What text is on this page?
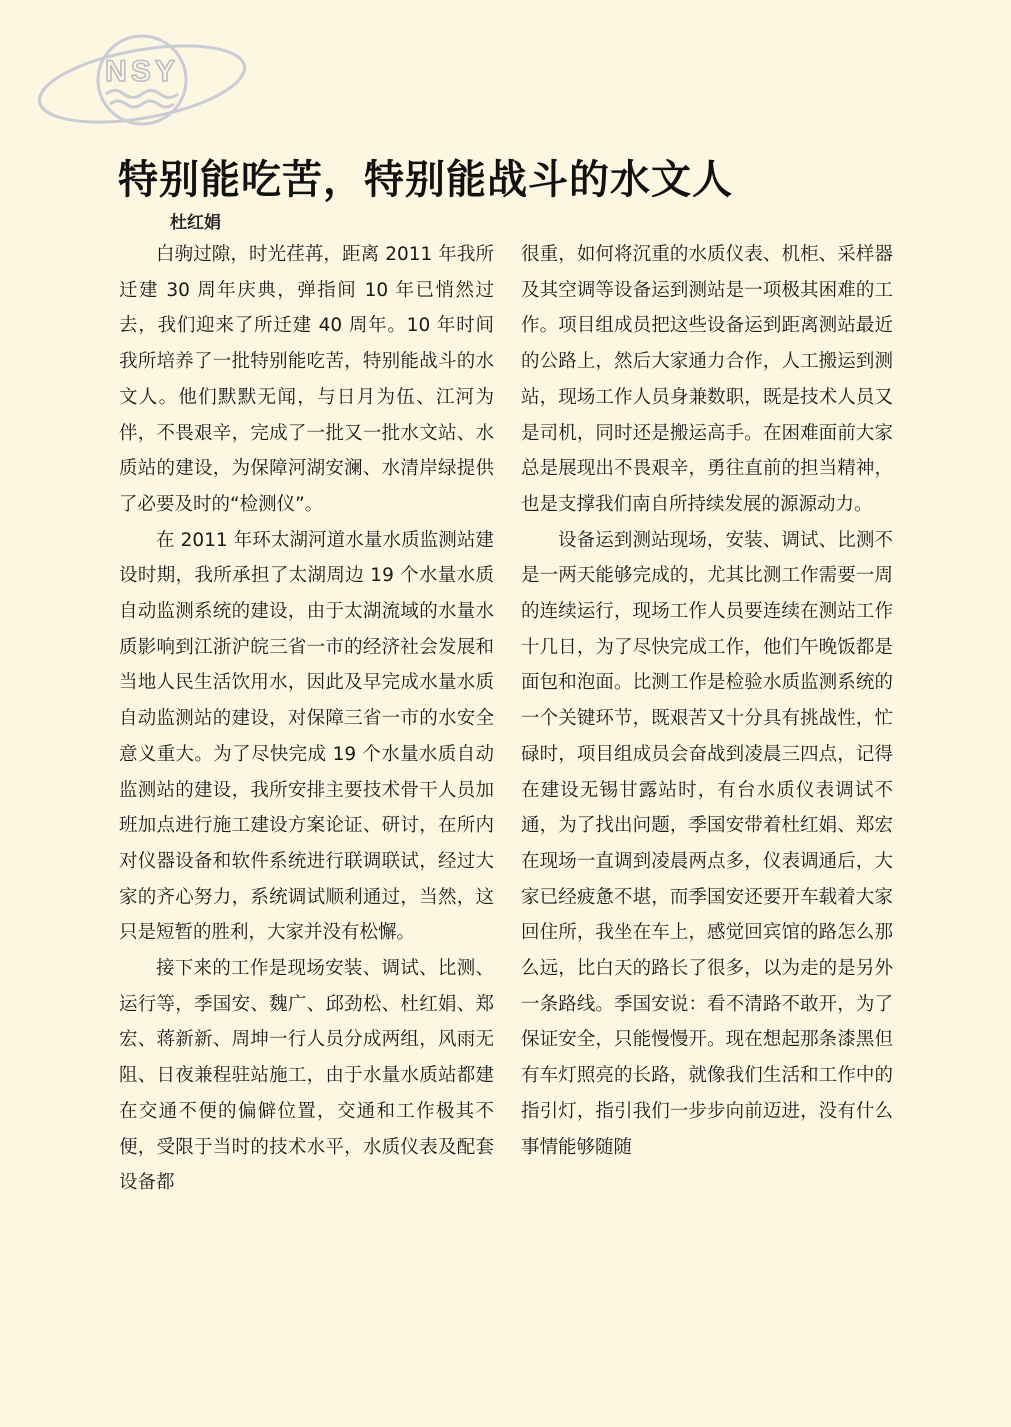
NSY
特别能吃苦，特别能战斗的水文人
杜红娟

白驹过隙，时光荏苒，距离 2011 年我所迁建 30 周年庆典，弹指间 10 年已悄然过去，我们迎来了所迁建 40 周年。10 年时间我所培养了一批特别能吃苦，特别能战斗的水文人。他们默默无闻，与日月为伍、江河为伴，不畏艰辛，完成了一批又一批水文站、水质站的建设，为保障河湖安澜、水清岸绿提供了必要及时的“检测仪”。

在 2011 年环太湖河道水量水质监测站建设时期，我所承担了太湖周边 19 个水量水质自动监测系统的建设，由于太湖流域的水量水质影响到江浙沪皖三省一市的经济社会发展和当地人民生活饮用水，因此及早完成水量水质自动监测站的建设，对保障三省一市的水安全意义重大。为了尽快完成 19 个水量水质自动监测站的建设，我所安排主要技术骨干人员加班加点进行施工建设方案论证、研讨，在所内对仪器设备和软件系统进行联调联试，经过大家的齐心努力，系统调试顺利通过，当然，这只是短暂的胜利，大家并没有松懈。

接下来的工作是现场安装、调试、比测、运行等，季国安、魏广、邱劲松、杜红娟、郑宏、蒋新新、周坤一行人员分成两组，风雨无阻、日夜兼程驻站施工，由于水量水质站都建在交通不便的偏僻位置，交通和工作极其不便，受限于当时的技术水平，水质仪表及配套设备都

很重，如何将沉重的水质仪表、机柜、采样器及其空调等设备运到测站是一项极其困难的工作。项目组成员把这些设备运到距离测站最近的公路上，然后大家通力合作，人工搬运到测站，现场工作人员身兼数职，既是技术人员又是司机，同时还是搬运高手。在困难面前大家总是展现出不畏艰辛，勇往直前的担当精神，也是支撑我们南自所持续发展的源源动力。

设备运到测站现场，安装、调试、比测不是一两天能够完成的，尤其比测工作需要一周的连续运行，现场工作人员要连续在测站工作十几日，为了尽快完成工作，他们午晚饭都是面包和泡面。比测工作是检验水质监测系统的一个关键环节，既艰苦又十分具有挑战性，忙碌时，项目组成员会奋战到凌晨三四点，记得在建设无锡甘露站时，有台水质仪表调试不通，为了找出问题，季国安带着杜红娟、郑宏在现场一直调到凌晨两点多，仪表调通后，大家已经疲惫不堪，而季国安还要开车载着大家回住所，我坐在车上，感觉回宾馆的路怎么那么远，比白天的路长了很多，以为走的是另外一条路线。季国安说：看不清路不敢开，为了保证安全，只能慢慢开。现在想起那条漆黑但有车灯照亮的长路，就像我们生活和工作中的指引灯，指引我们一步步向前迈进，没有什么事情能够随随
